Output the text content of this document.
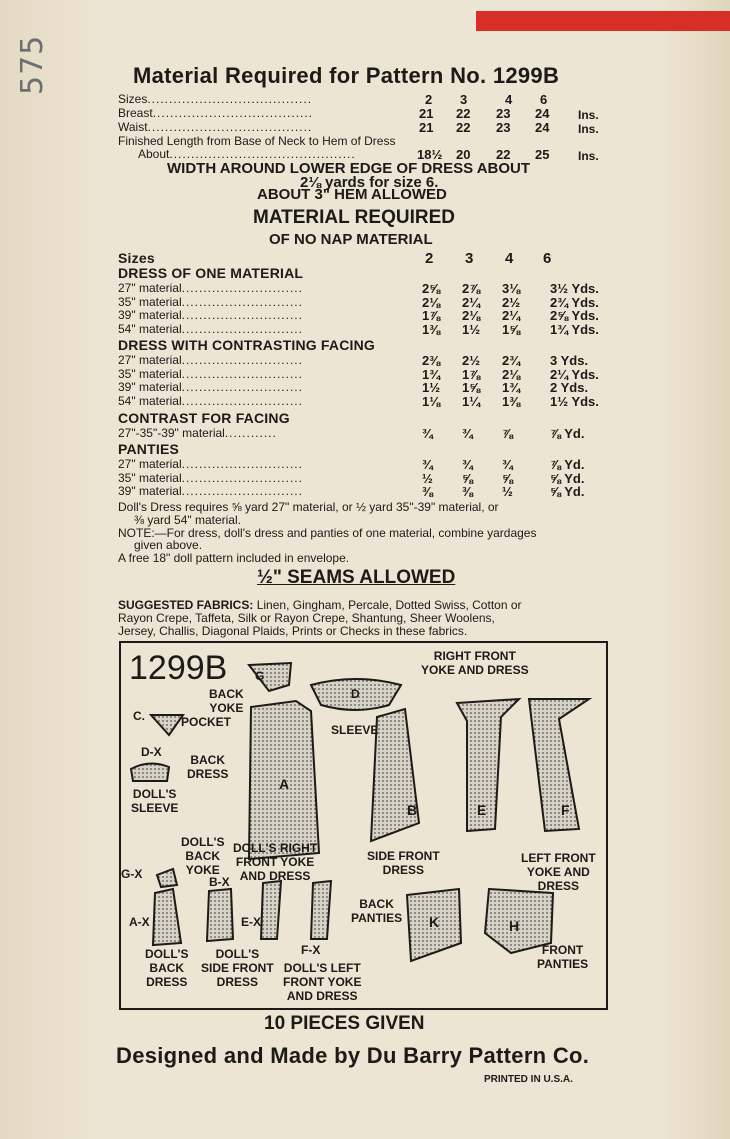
575	Material Required for Pattern No. 1299B
Sizes......................................	2 3	4 6
Breast.....................................	21 22 23 24 Ins.
Waist......................................	21 22 23 24 Ins.
Finished Length from Base of Neck to Hem of Dress
About...........................................	18½ 20 22 25 Ins.
WIDTH AROUND LOWER EDGE OF DRESS ABOUT
2⅛ yards for size 6.
ABOUT 3" HEM ALLOWED
MATERIAL REQUIRED
OF NO NAP MATERIAL
Sizes	2 3 4 6
DRESS OF ONE MATERIAL
27" material............................	2⅝ 2⅞ 3⅛ 3½ Yds.
35" material............................	2⅛ 2¼ 2½ 2¾ Yds.
39" material............................	1⅞ 2⅛ 2¼ 2⅝ Yds.
54" material............................	1⅜ 1½ 1⅝ 1¾ Yds.
DRESS WITH CONTRASTING FACING
27" material............................	2⅜ 2½ 2¾ 3 Yds.
35" material............................	1¾ 1⅞ 2⅛ 2¼ Yds.
39" material............................	1½ 1⅝ 1¾ 2 Yds.
54" material............................	1⅛ 1¼ 1⅜ 1½ Yds.
CONTRAST FOR FACING
27"-35"-39" material............	¾ ¾ ⅞	⅞ Yd.
PANTIES
27" material............................	¾ ¾ ¾	⅞ Yd.
35" material............................	½ ⅝ ⅝	⅝ Yd.
39" material............................	⅜ ⅜ ½	⅝ Yd.
Doll's Dress requires ⅝ yard 27" material, or ½ yard 35"-39" material, or
⅜ yard 54" material.
NOTE:—For dress, doll's dress and panties of one material, combine yardages
given above.
A free 18" doll pattern included in envelope.
½" SEAMS ALLOWED
SUGGESTED FABRICS: Linen, Gingham, Percale, Dotted Swiss, Cotton or
Rayon Crepe, Taffeta, Silk or Rayon Crepe, Shantung, Sheer Woolens,
Jersey, Challis, Diagonal Plaids, Prints or Checks in these fabrics.
1299B G
BACK
YOKE
D
C.	POCKET
SLEEVE
D-X
BACK
DRESS
A
DOLL'S
SLEEVE
RIGHT FRONT
YOKE AND DRESS
B	E	F
SIDE FRONT
DRESS
LEFT FRONT
YOKE AND
DRESS
DOLL'S
BACK
YOKE
DOLL'S RIGHT
FRONT YOKE
AND DRESS
G-X
B-X
A-X	E-X
F-X
BACK
PANTIES K	H
FRONT
PANTIES
DOLL'S
BACK
DRESS
DOLL'S
SIDE FRONT
DRESS
DOLL'S LEFT
FRONT YOKE
AND DRESS
10 PIECES GIVEN
Designed and Made by Du Barry Pattern Co.
PRINTED IN U.S.A.
